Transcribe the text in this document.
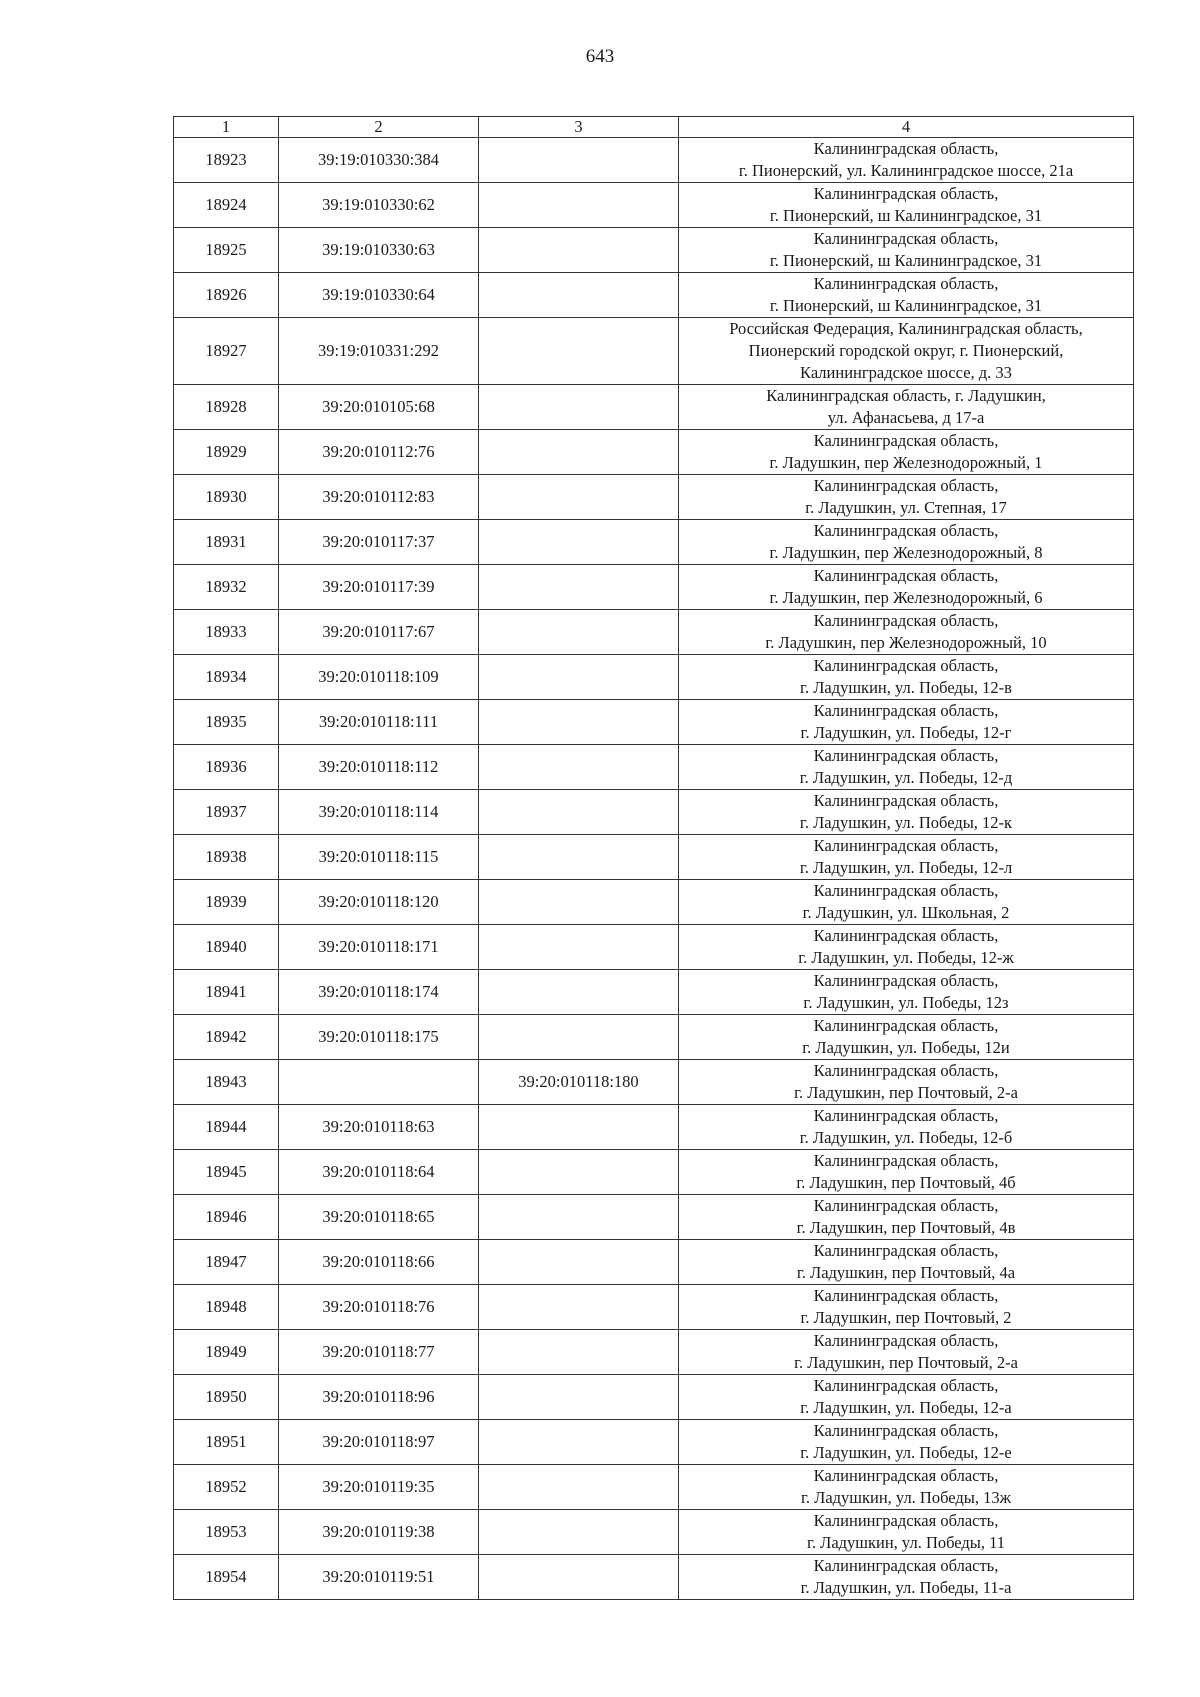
643
1	2	3	4
18923	39:19:010330:384		Калининградская область,
г. Пионерский, ул. Калининградское шоссе, 21а

18924	39:19:010330:62		Калининградская область,
г. Пионерский, ш Калининградское, 31

18925	39:19:010330:63		Калининградская область,
г. Пионерский, ш Калининградское, 31

18926	39:19:010330:64		Калининградская область,
г. Пионерский, ш Калининградское, 31

18927	39:19:010331:292		Российская Федерация, Калининградская область,
Пионерский городской округ, г. Пионерский,
Калининградское шоссе, д. 33

18928	39:20:010105:68		Калининградская область, г. Ладушкин,
ул. Афанасьева, д 17-а

18929	39:20:010112:76		Калининградская область,
г. Ладушкин, пер Железнодорожный, 1

18930	39:20:010112:83		Калининградская область,
г. Ладушкин, ул. Степная, 17

18931	39:20:010117:37		Калининградская область,
г. Ладушкин, пер Железнодорожный, 8

18932	39:20:010117:39		Калининградская область,
г. Ладушкин, пер Железнодорожный, 6

18933	39:20:010117:67		Калининградская область,
г. Ладушкин, пер Железнодорожный, 10

18934	39:20:010118:109		Калининградская область,
г. Ладушкин, ул. Победы, 12-в

18935	39:20:010118:111		Калининградская область,
г. Ладушкин, ул. Победы, 12-г

18936	39:20:010118:112		Калининградская область,
г. Ладушкин, ул. Победы, 12-д

18937	39:20:010118:114		Калининградская область,
г. Ладушкин, ул. Победы, 12-к

18938	39:20:010118:115		Калининградская область,
г. Ладушкин, ул. Победы, 12-л

18939	39:20:010118:120		Калининградская область,
г. Ладушкин, ул. Школьная, 2

18940	39:20:010118:171		Калининградская область,
г. Ладушкин, ул. Победы, 12-ж

18941	39:20:010118:174		Калининградская область,
г. Ладушкин, ул. Победы, 12з

18942	39:20:010118:175		Калининградская область,
г. Ладушкин, ул. Победы, 12и

18943		39:20:010118:180	Калининградская область,
г. Ладушкин, пер Почтовый, 2-а

18944	39:20:010118:63		Калининградская область,
г. Ладушкин, ул. Победы, 12-б

18945	39:20:010118:64		Калининградская область,
г. Ладушкин, пер Почтовый, 4б

18946	39:20:010118:65		Калининградская область,
г. Ладушкин, пер Почтовый, 4в

18947	39:20:010118:66		Калининградская область,
г. Ладушкин, пер Почтовый, 4а

18948	39:20:010118:76		Калининградская область,
г. Ладушкин, пер Почтовый, 2

18949	39:20:010118:77		Калининградская область,
г. Ладушкин, пер Почтовый, 2-а

18950	39:20:010118:96		Калининградская область,
г. Ладушкин, ул. Победы, 12-а

18951	39:20:010118:97		Калининградская область,
г. Ладушкин, ул. Победы, 12-е

18952	39:20:010119:35		Калининградская область,
г. Ладушкин, ул. Победы, 13ж

18953	39:20:010119:38		Калининградская область,
г. Ладушкин, ул. Победы, 11

18954	39:20:010119:51		Калининградская область,
г. Ладушкин, ул. Победы, 11-а
